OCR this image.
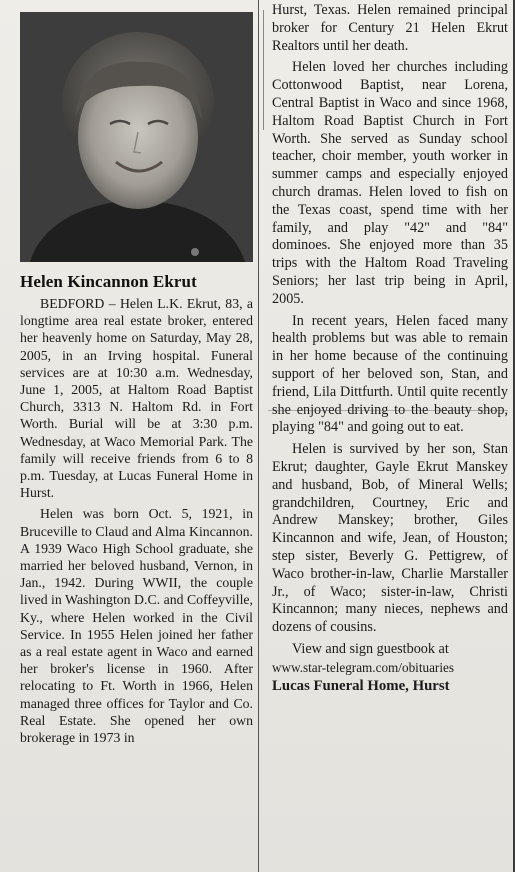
Helen Kincannon Ekrut

BEDFORD – Helen L.K. Ekrut, 83, a longtime area real estate broker, entered her heavenly home on Saturday, May 28, 2005, in an Irving hospital. Funeral services are at 10:30 a.m. Wednesday, June 1, 2005, at Haltom Road Baptist Church, 3313 N. Haltom Rd. in Fort Worth. Burial will be at 3:30 p.m. Wednesday, at Waco Memorial Park. The family will receive friends from 6 to 8 p.m. Tuesday, at Lucas Funeral Home in Hurst.

Helen was born Oct. 5, 1921, in Bruceville to Claud and Alma Kincannon. A 1939 Waco High School graduate, she married her beloved husband, Vernon, in Jan., 1942. During WWII, the couple lived in Washington D.C. and Coffeyville, Ky., where Helen worked in the Civil Service. In 1955 Helen joined her father as a real estate agent in Waco and earned her broker's license in 1960. After relocating to Ft. Worth in 1966, Helen managed three offices for Taylor and Co. Real Estate. She opened her own brokerage in 1973 in

Hurst, Texas. Helen remained principal broker for Century 21 Helen Ekrut Realtors until her death.

Helen loved her churches including Cottonwood Baptist, near Lorena, Central Baptist in Waco and since 1968, Haltom Road Baptist Church in Fort Worth. She served as Sunday school teacher, choir member, youth worker in summer camps and especially enjoyed church dramas. Helen loved to fish on the Texas coast, spend time with her family, and play "42" and "84" dominoes. She enjoyed more than 35 trips with the Haltom Road Traveling Seniors; her last trip being in April, 2005.

In recent years, Helen faced many health problems but was able to remain in her home because of the continuing support of her beloved son, Stan, and friend, Lila Dittfurth. Until quite recently she enjoyed driving to the beauty shop, playing "84" and going out to eat.

Helen is survived by her son, Stan Ekrut; daughter, Gayle Ekrut Manskey and husband, Bob, of Mineral Wells; grandchildren, Courtney, Eric and Andrew Manskey; brother, Giles Kincannon and wife, Jean, of Houston; step sister, Beverly G. Pettigrew, of Waco brother-in-law, Charlie Marstaller Jr., of Waco; sister-in-law, Christi Kincannon; many nieces, nephews and dozens of cousins.

View and sign guestbook at

www.star-telegram.com/obituaries

Lucas Funeral Home, Hurst
